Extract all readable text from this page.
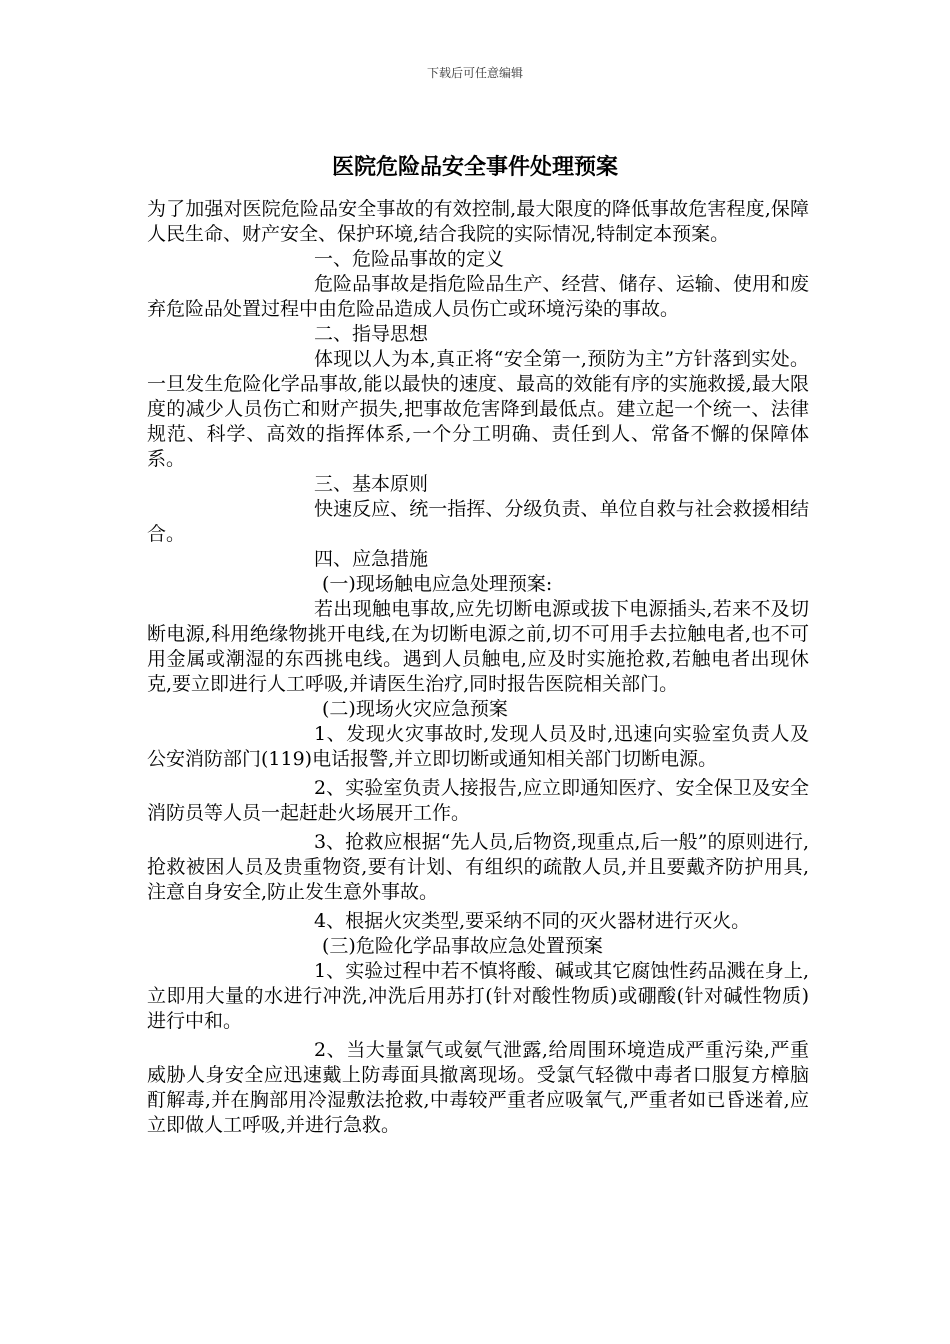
下载后可任意编辑
医院危险品安全事件处理预案

为了加强对医院危险品安全事故的有效控制,最大限度的降低事故危害程度,保障人民生命、财产安全、保护环境,结合我院的实际情况,特制定本预案。

一、危险品事故的定义

危险品事故是指危险品生产、经营、储存、运输、使用和废弃危险品处置过程中由危险品造成人员伤亡或环境污染的事故。

二、指导思想

体现以人为本,真正将“安全第一,预防为主”方针落到实处。一旦发生危险化学品事故,能以最快的速度、最高的效能有序的实施救援,最大限度的减少人员伤亡和财产损失,把事故危害降到最低点。建立起一个统一、法律规范、科学、高效的指挥体系,一个分工明确、责任到人、常备不懈的保障体系。

三、基本原则

快速反应、统一指挥、分级负责、单位自救与社会救援相结合。

四、应急措施

(一)现场触电应急处理预案:

若出现触电事故,应先切断电源或拔下电源插头,若来不及切断电源,科用绝缘物挑开电线,在为切断电源之前,切不可用手去拉触电者,也不可用金属或潮湿的东西挑电线。遇到人员触电,应及时实施抢救,若触电者出现休克,要立即进行人工呼吸,并请医生治疗,同时报告医院相关部门。

(二)现场火灾应急预案

1、发现火灾事故时,发现人员及时,迅速向实验室负责人及公安消防部门(119)电话报警,并立即切断或通知相关部门切断电源。

2、实验室负责人接报告,应立即通知医疗、安全保卫及安全消防员等人员一起赶赴火场展开工作。

3、抢救应根据“先人员,后物资,现重点,后一般”的原则进行,抢救被困人员及贵重物资,要有计划、有组织的疏散人员,并且要戴齐防护用具,注意自身安全,防止发生意外事故。

4、根据火灾类型,要采纳不同的灭火器材进行灭火。

(三)危险化学品事故应急处置预案

1、实验过程中若不慎将酸、碱或其它腐蚀性药品溅在身上,立即用大量的水进行冲洗,冲洗后用苏打(针对酸性物质)或硼酸(针对碱性物质)进行中和。

2、当大量氯气或氨气泄露,给周围环境造成严重污染,严重威胁人身安全应迅速戴上防毒面具撤离现场。受氯气轻微中毒者口服复方樟脑酊解毒,并在胸部用冷湿敷法抢救,中毒较严重者应吸氧气,严重者如已昏迷着,应立即做人工呼吸,并进行急救。
